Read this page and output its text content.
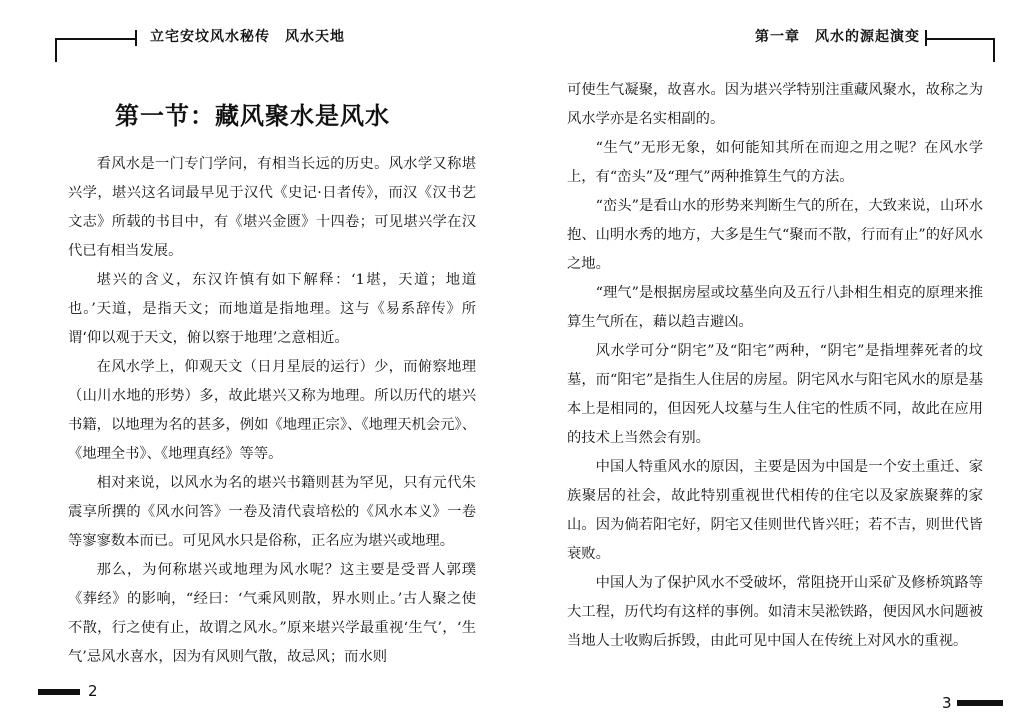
立宅安坟风水秘传　风水天地
第一节：藏风聚水是风水

看风水是一门专门学问，有相当长远的历史。风水学又称堪兴学，堪兴这名词最早见于汉代《史记·日者传》，而汉《汉书艺文志》所载的书目中，有《堪兴金匮》十四卷；可见堪兴学在汉代已有相当发展。

堪兴的含义，东汉许慎有如下解释：‘1堪，天道；地道也。’天道，是指天文；而地道是指地理。这与《易系辞传》所谓‘仰以观于天文，俯以察于地理’之意相近。

在风水学上，仰观天文（日月星辰的运行）少，而俯察地理（山川水地的形势）多，故此堪兴又称为地理。所以历代的堪兴书籍，以地理为名的甚多，例如《地理正宗》、《地理天机会元》、《地理全书》、《地理真经》等等。

相对来说，以风水为名的堪兴书籍则甚为罕见，只有元代朱震享所撰的《风水问答》一卷及清代袁培松的《风水本义》一卷等寥寥数本而已。可见风水只是俗称，正名应为堪兴或地理。

那么，为何称堪兴或地理为风水呢？这主要是受晋人郭璞《葬经》的影响，“经曰：‘气乘风则散，界水则止。’古人聚之使不散，行之使有止，故谓之风水。”原来堪兴学最重视‘生气’，‘生气’忌风水喜水，因为有风则气散，故忌风；而水则

2
第一章　风水的源起演变

可使生气凝聚，故喜水。因为堪兴学特别注重藏风聚水，故称之为风水学亦是名实相副的。

“生气”无形无象，如何能知其所在而迎之用之呢？在风水学上，有“峦头”及“理气”两种推算生气的方法。

“峦头”是看山水的形势来判断生气的所在，大致来说，山环水抱、山明水秀的地方，大多是生气“聚而不散，行而有止”的好风水之地。

“理气”是根据房屋或坟墓坐向及五行八卦相生相克的原理来推算生气所在，藉以趋吉避凶。

风水学可分“阴宅”及“阳宅”两种，“阴宅”是指埋葬死者的坟墓，而“阳宅”是指生人住居的房屋。阴宅风水与阳宅风水的原是基本上是相同的，但因死人坟墓与生人住宅的性质不同，故此在应用的技术上当然会有别。

中国人特重风水的原因，主要是因为中国是一个安土重迁、家族聚居的社会，故此特别重视世代相传的住宅以及家族聚葬的家山。因为倘若阳宅好，阴宅又佳则世代皆兴旺；若不吉，则世代皆衰败。

中国人为了保护风水不受破坏，常阻挠开山采矿及修桥筑路等大工程，历代均有这样的事例。如清末吴淞铁路，便因风水问题被当地人士收购后拆毁，由此可见中国人在传统上对风水的重视。

3
